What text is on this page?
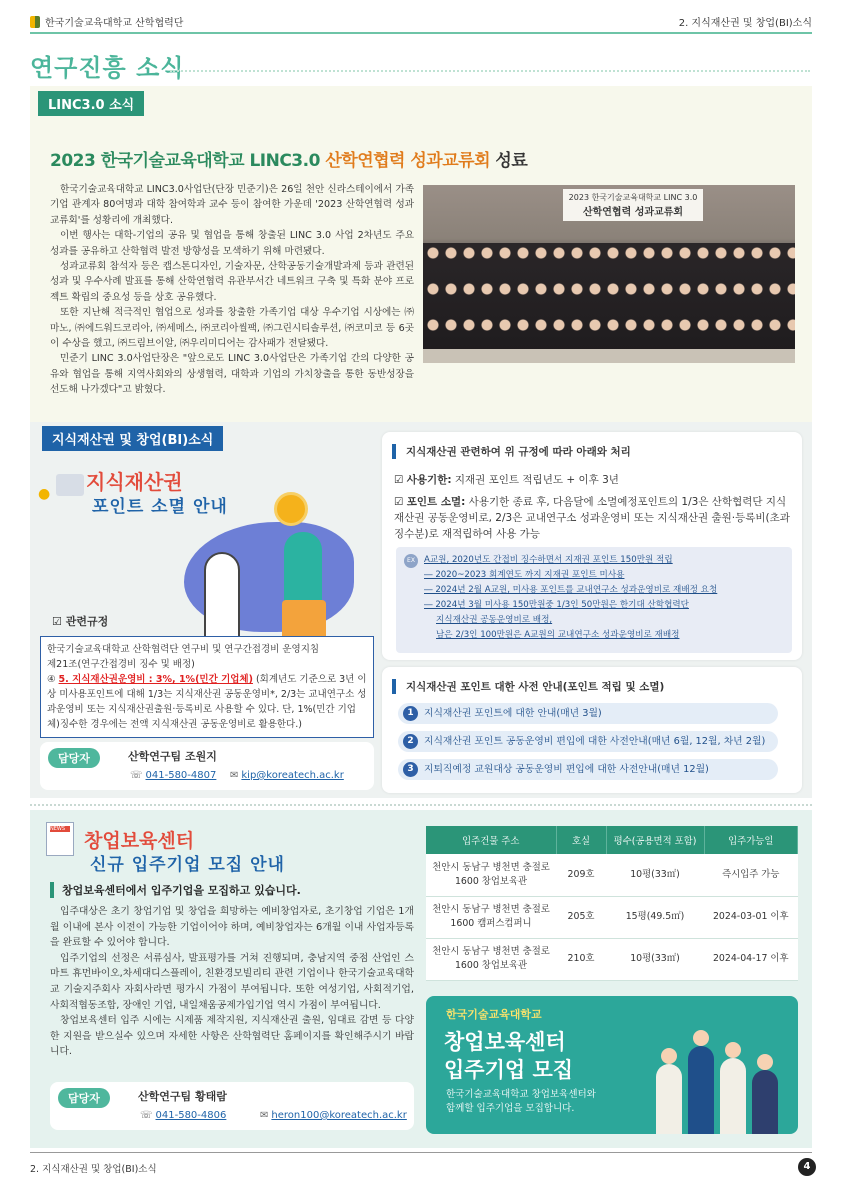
한국기술교육대학교 산학협력단	2. 지식재산권 및 창업(BI)소식
연구진흥 소식
LINC3.0 소식
2023 한국기술교육대학교 LINC3.0 산학연협력 성과교류회 성료

한국기술교육대학교 LINC3.0사업단(단장 민준기)은 26일 천안 신라스테이에서 가족기업 관계자 80여명과 대학 참여학과 교수 등이 참여한 가운데 '2023 산학연협력 성과교류회'를 성황리에 개최했다.

이번 행사는 대학-기업의 공유 및 협업을 통해 창출된 LINC 3.0 사업 2차년도 주요 성과를 공유하고 산학협력 발전 방향성을 모색하기 위해 마련됐다.

성과교류회 참석자 등은 캡스톤디자인, 기술자문, 산학공동기술개발과제 등과 관련된 성과 및 우수사례 발표를 통해 산학연협력 유관부서간 네트워크 구축 및 특화 분야 프로젝트 확립의 중요성 등을 상호 공유했다.

또한 지난해 적극적인 협업으로 성과를 창출한 가족기업 대상 우수기업 시상에는 ㈜마노, ㈜에드워드코리아, ㈜세메스, ㈜코리아씰팩, ㈜그린시티솔루션, ㈜코미코 등 6곳이 수상을 했고, ㈜드림브이알, ㈜우리미디어는 감사패가 전달됐다.

민준기 LINC 3.0사업단장은 "앞으로도 LINC 3.0사업단은 가족기업 간의 다양한 공유와 협업을 통해 지역사회와의 상생협력, 대학과 기업의 가치창출을 통한 동반성장을 선도해 나가겠다"고 밝혔다.

2023 한국기술교육대학교 LINC 3.0
산학연협력 성과교류회
지식재산권 및 창업(BI)소식
● 지식재산권
포인트 소멸 안내
☑ 관련규정
한국기술교육대학교 산학협력단 연구비 및 연구간접경비 운영지침
제21조(연구간접경비 징수 및 배정)
④ 5. 지식재산권운영비 : 3%, 1%(민간 기업체) (회계년도 기준으로 3년 이상 미사용포인트에 대해 1/3는 지식재산권 공동운영비*, 2/3는 교내연구소 성과운영비 또는 지식재산권출원·등록비로 사용할 수 있다. 단, 1%(민간 기업체)징수한 경우에는 전액 지식재산권 공동운영비로 활용한다.)
담당자	산학연구팀 조원지
☏ 041-580-4807 ✉ kip@koreatech.ac.kr
지식재산권 관련하여 위 규정에 따라 아래와 처리
☑ 사용기한: 지재권 포인트 적립년도 + 이후 3년
☑ 포인트 소멸: 사용기한 종료 후, 다음달에 소멸예정포인트의 1/3은 산학협력단 지식재산권 공동운영비로, 2/3은 교내연구소 성과운영비 또는 지식재산권 출원·등록비(초과징수분)로 재적립하여 사용 가능
EX	A교원, 2020년도 간접비 징수하면서 지재권 포인트 150만원 적립
― 2020~2023 회계연도 까지 지재권 포인트 미사용
― 2024년 2월 A교원, 미사용 포인트를 교내연구소 성과운영비로 재배정 요청
― 2024년 3월 미사용 150만원중 1/3인 50만원은 한기대 산학협력단
지식재산권 공동운영비로 배정,
남은 2/3인 100만원은 A교원의 교내연구소 성과운영비로 재배정
지식재산권 포인트 대한 사전 안내(포인트 적립 및 소멸)
1	지식재산권 포인트에 대한 안내(매년 3월)
2	지식재산권 포인트 공동운영비 편입에 대한 사전안내(매년 6월, 12월, 차년 2월)
3	지퇴직예정 교원대상 공동운영비 편입에 대한 사전안내(매년 12월)
NEWS
창업보육센터
신규 입주기업 모집 안내
창업보육센터에서 입주기업을 모집하고 있습니다.

입주대상은 초기 창업기업 및 창업을 희망하는 예비창업자로, 초기창업 기업은 1개월 이내에 본사 이전이 가능한 기업이어야 하며, 예비창업자는 6개월 이내 사업자등록을 완료할 수 있어야 합니다.

입주기업의 선정은 서류심사, 발표평가를 거쳐 진행되며, 충남지역 중점 산업인 스마트 휴먼바이오,차세대디스플레이, 친환경모빌리티 관련 기업이나 한국기술교육대학교 기술지주회사 자회사라면 평가시 가점이 부여됩니다. 또한 여성기업, 사회적기업, 사회적협동조합, 장애인 기업, 내일채움공제가입기업 역시 가점이 부여됩니다.

창업보육센터 입주 시에는 시제품 제작지원, 지식재산권 출원, 임대료 감면 등 다양한 지원을 받으실수 있으며 자세한 사항은 산학협력단 홈페이지를 확인해주시기 바랍니다.

담당자	산학연구팀 황태람
☏ 041-580-4806	✉ heron100@koreatech.ac.kr
입주건물 주소	호실	평수(공용면적 포함)	입주가능일
천안시 동남구 병천면 충절로 1600 창업보육관	209호	10평(33㎡)	즉시입주 가능
천안시 동남구 병천면 충절로 1600 캠퍼스컴퍼니	205호	15평(49.5㎡)	2024-03-01 이후
천안시 동남구 병천면 충절로 1600 창업보육관	210호	10평(33㎡)	2024-04-17 이후
한국기술교육대학교
창업보육센터
입주기업 모집
한국기술교육대학교 창업보육센터와
함께할 입주기업을 모집합니다.
2. 지식재산권 및 창업(BI)소식	4
